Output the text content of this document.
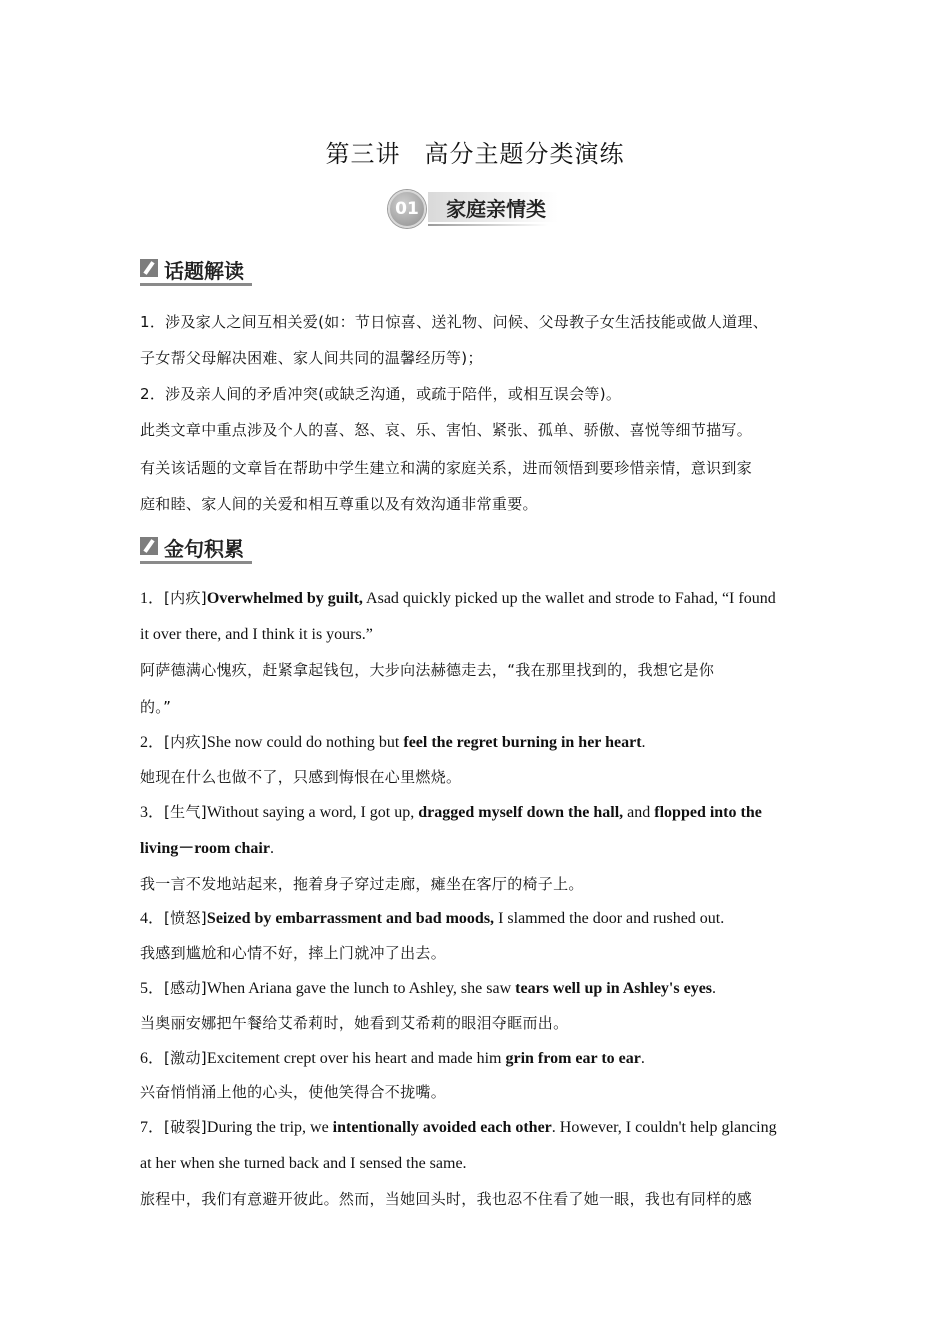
第三讲 高分主题分类演练
01	家庭亲情类
话题解读
1．涉及家人之间互相关爱(如：节日惊喜、送礼物、问候、父母教子女生活技能或做人道理、
子女帮父母解决困难、家人间共同的温馨经历等)；
2．涉及亲人间的矛盾冲突(或缺乏沟通，或疏于陪伴，或相互误会等)。
此类文章中重点涉及个人的喜、怒、哀、乐、害怕、紧张、孤单、骄傲、喜悦等细节描写。
有关该话题的文章旨在帮助中学生建立和满的家庭关系，进而领悟到要珍惜亲情，意识到家
庭和睦、家人间的关爱和相互尊重以及有效沟通非常重要。
金句积累
1．[内疚]Overwhelmed by guilt, Asad quickly picked up the wallet and strode to Fahad, “I found
it over there, and I think it is yours.”
阿萨德满心愧疚，赶紧拿起钱包，大步向法赫德走去，“我在那里找到的，我想它是你
的。”
2．[内疚]She now could do nothing but feel the regret burning in her heart.
她现在什么也做不了，只感到悔恨在心里燃烧。
3．[生气]Without saying a word, I got up, dragged myself down the hall, and flopped into the
living－room chair.
我一言不发地站起来，拖着身子穿过走廊，瘫坐在客厅的椅子上。
4．[愤怒]Seized by embarrassment and bad moods, I slammed the door and rushed out.
我感到尴尬和心情不好，摔上门就冲了出去。
5．[感动]When Ariana gave the lunch to Ashley, she saw tears well up in Ashley's eyes.
当奥丽安娜把午餐给艾希莉时，她看到艾希莉的眼泪夺眶而出。
6．[激动]Excitement crept over his heart and made him grin from ear to ear.
兴奋悄悄涌上他的心头，使他笑得合不拢嘴。
7．[破裂]During the trip, we intentionally avoided each other. However, I couldn't help glancing
at her when she turned back and I sensed the same.
旅程中，我们有意避开彼此。然而，当她回头时，我也忍不住看了她一眼，我也有同样的感
